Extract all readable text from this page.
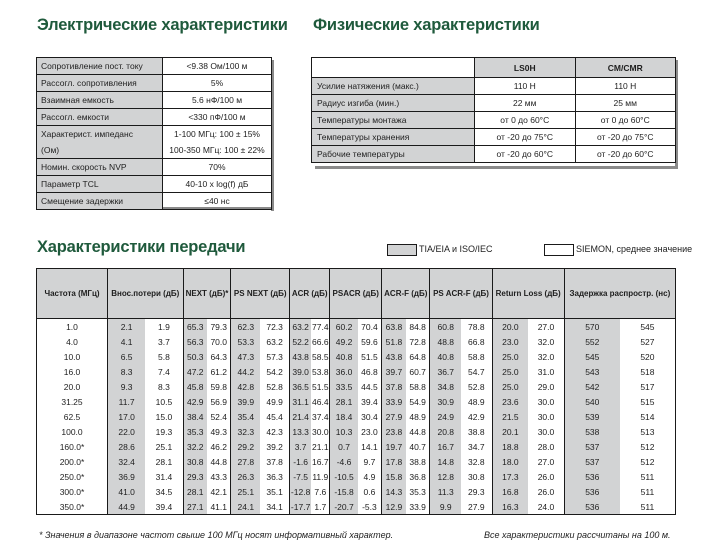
Электрические характеристики
Сопротивление пост. току	<9.38 Ом/100 м
Рассогл. сопротивления	5%
Взаимная емкость	5.6 нФ/100 м
Рассогл. емкости	<330 пФ/100 м
Характерист. импеданс	1-100 МГц: 100 ± 15%
(Ом)	100-350 МГц: 100 ± 22%
Номин. скорость NVP	70%
Параметр TCL	40-10 x log(f) дБ
Смещение задержки	≤40 нс
Физические характеристики
	LS0H	CM/CMR
Усилие натяжения (макс.)	110 Н	110 Н
Радиус изгиба (мин.)	22 мм	25 мм
Температуры монтажа	от 0 до 60°C	от 0 до 60°C
Температуры хранения	от -20 до 75°C	от -20 до 75°C
Рабочие температуры	от -20 до 60°C	от -20 до 60°C
Характеристики передачи	TIA/EIA и ISO/IEC	SIEMON, среднее значение
Частота (МГц)	Внос.потери (дБ)		NEXT (дБ)*		PS NEXT (дБ)		ACR (дБ)		PSACR (дБ)		ACR-F (дБ)		PS ACR-F (дБ)		Return Loss (дБ)		Задержка распростр. (нс)	
1.0	2.1	1.9	65.3	79.3	62.3	72.3	63.2	77.4	60.2	70.4	63.8	84.8	60.8	78.8	20.0	27.0	570	545
4.0	4.1	3.7	56.3	70.0	53.3	63.2	52.2	66.6	49.2	59.6	51.8	72.8	48.8	66.8	23.0	32.0	552	527
10.0	6.5	5.8	50.3	64.3	47.3	57.3	43.8	58.5	40.8	51.5	43.8	64.8	40.8	58.8	25.0	32.0	545	520
16.0	8.3	7.4	47.2	61.2	44.2	54.2	39.0	53.8	36.0	46.8	39.7	60.7	36.7	54.7	25.0	31.0	543	518
20.0	9.3	8.3	45.8	59.8	42.8	52.8	36.5	51.5	33.5	44.5	37.8	58.8	34.8	52.8	25.0	29.0	542	517
31.25	11.7	10.5	42.9	56.9	39.9	49.9	31.1	46.4	28.1	39.4	33.9	54.9	30.9	48.9	23.6	30.0	540	515
62.5	17.0	15.0	38.4	52.4	35.4	45.4	21.4	37.4	18.4	30.4	27.9	48.9	24.9	42.9	21.5	30.0	539	514
100.0	22.0	19.3	35.3	49.3	32.3	42.3	13.3	30.0	10.3	23.0	23.8	44.8	20.8	38.8	20.1	30.0	538	513
160.0*	28.6	25.1	32.2	46.2	29.2	39.2	3.7	21.1	0.7	14.1	19.7	40.7	16.7	34.7	18.8	28.0	537	512
200.0*	32.4	28.1	30.8	44.8	27.8	37.8	-1.6	16.7	-4.6	9.7	17.8	38.8	14.8	32.8	18.0	27.0	537	512
250.0*	36.9	31.4	29.3	43.3	26.3	36.3	-7.5	11.9	-10.5	4.9	15.8	36.8	12.8	30.8	17.3	26.0	536	511
300.0*	41.0	34.5	28.1	42.1	25.1	35.1	-12.8	7.6	-15.8	0.6	14.3	35.3	11.3	29.3	16.8	26.0	536	511
350.0*	44.9	39.4	27.1	41.1	24.1	34.1	-17.7	1.7	-20.7	-5.3	12.9	33.9	9.9	27.9	16.3	24.0	536	511
* Значения в диапазоне частот свыше 100 МГц носят информативный характер.	Все характеристики рассчитаны на 100 м.
